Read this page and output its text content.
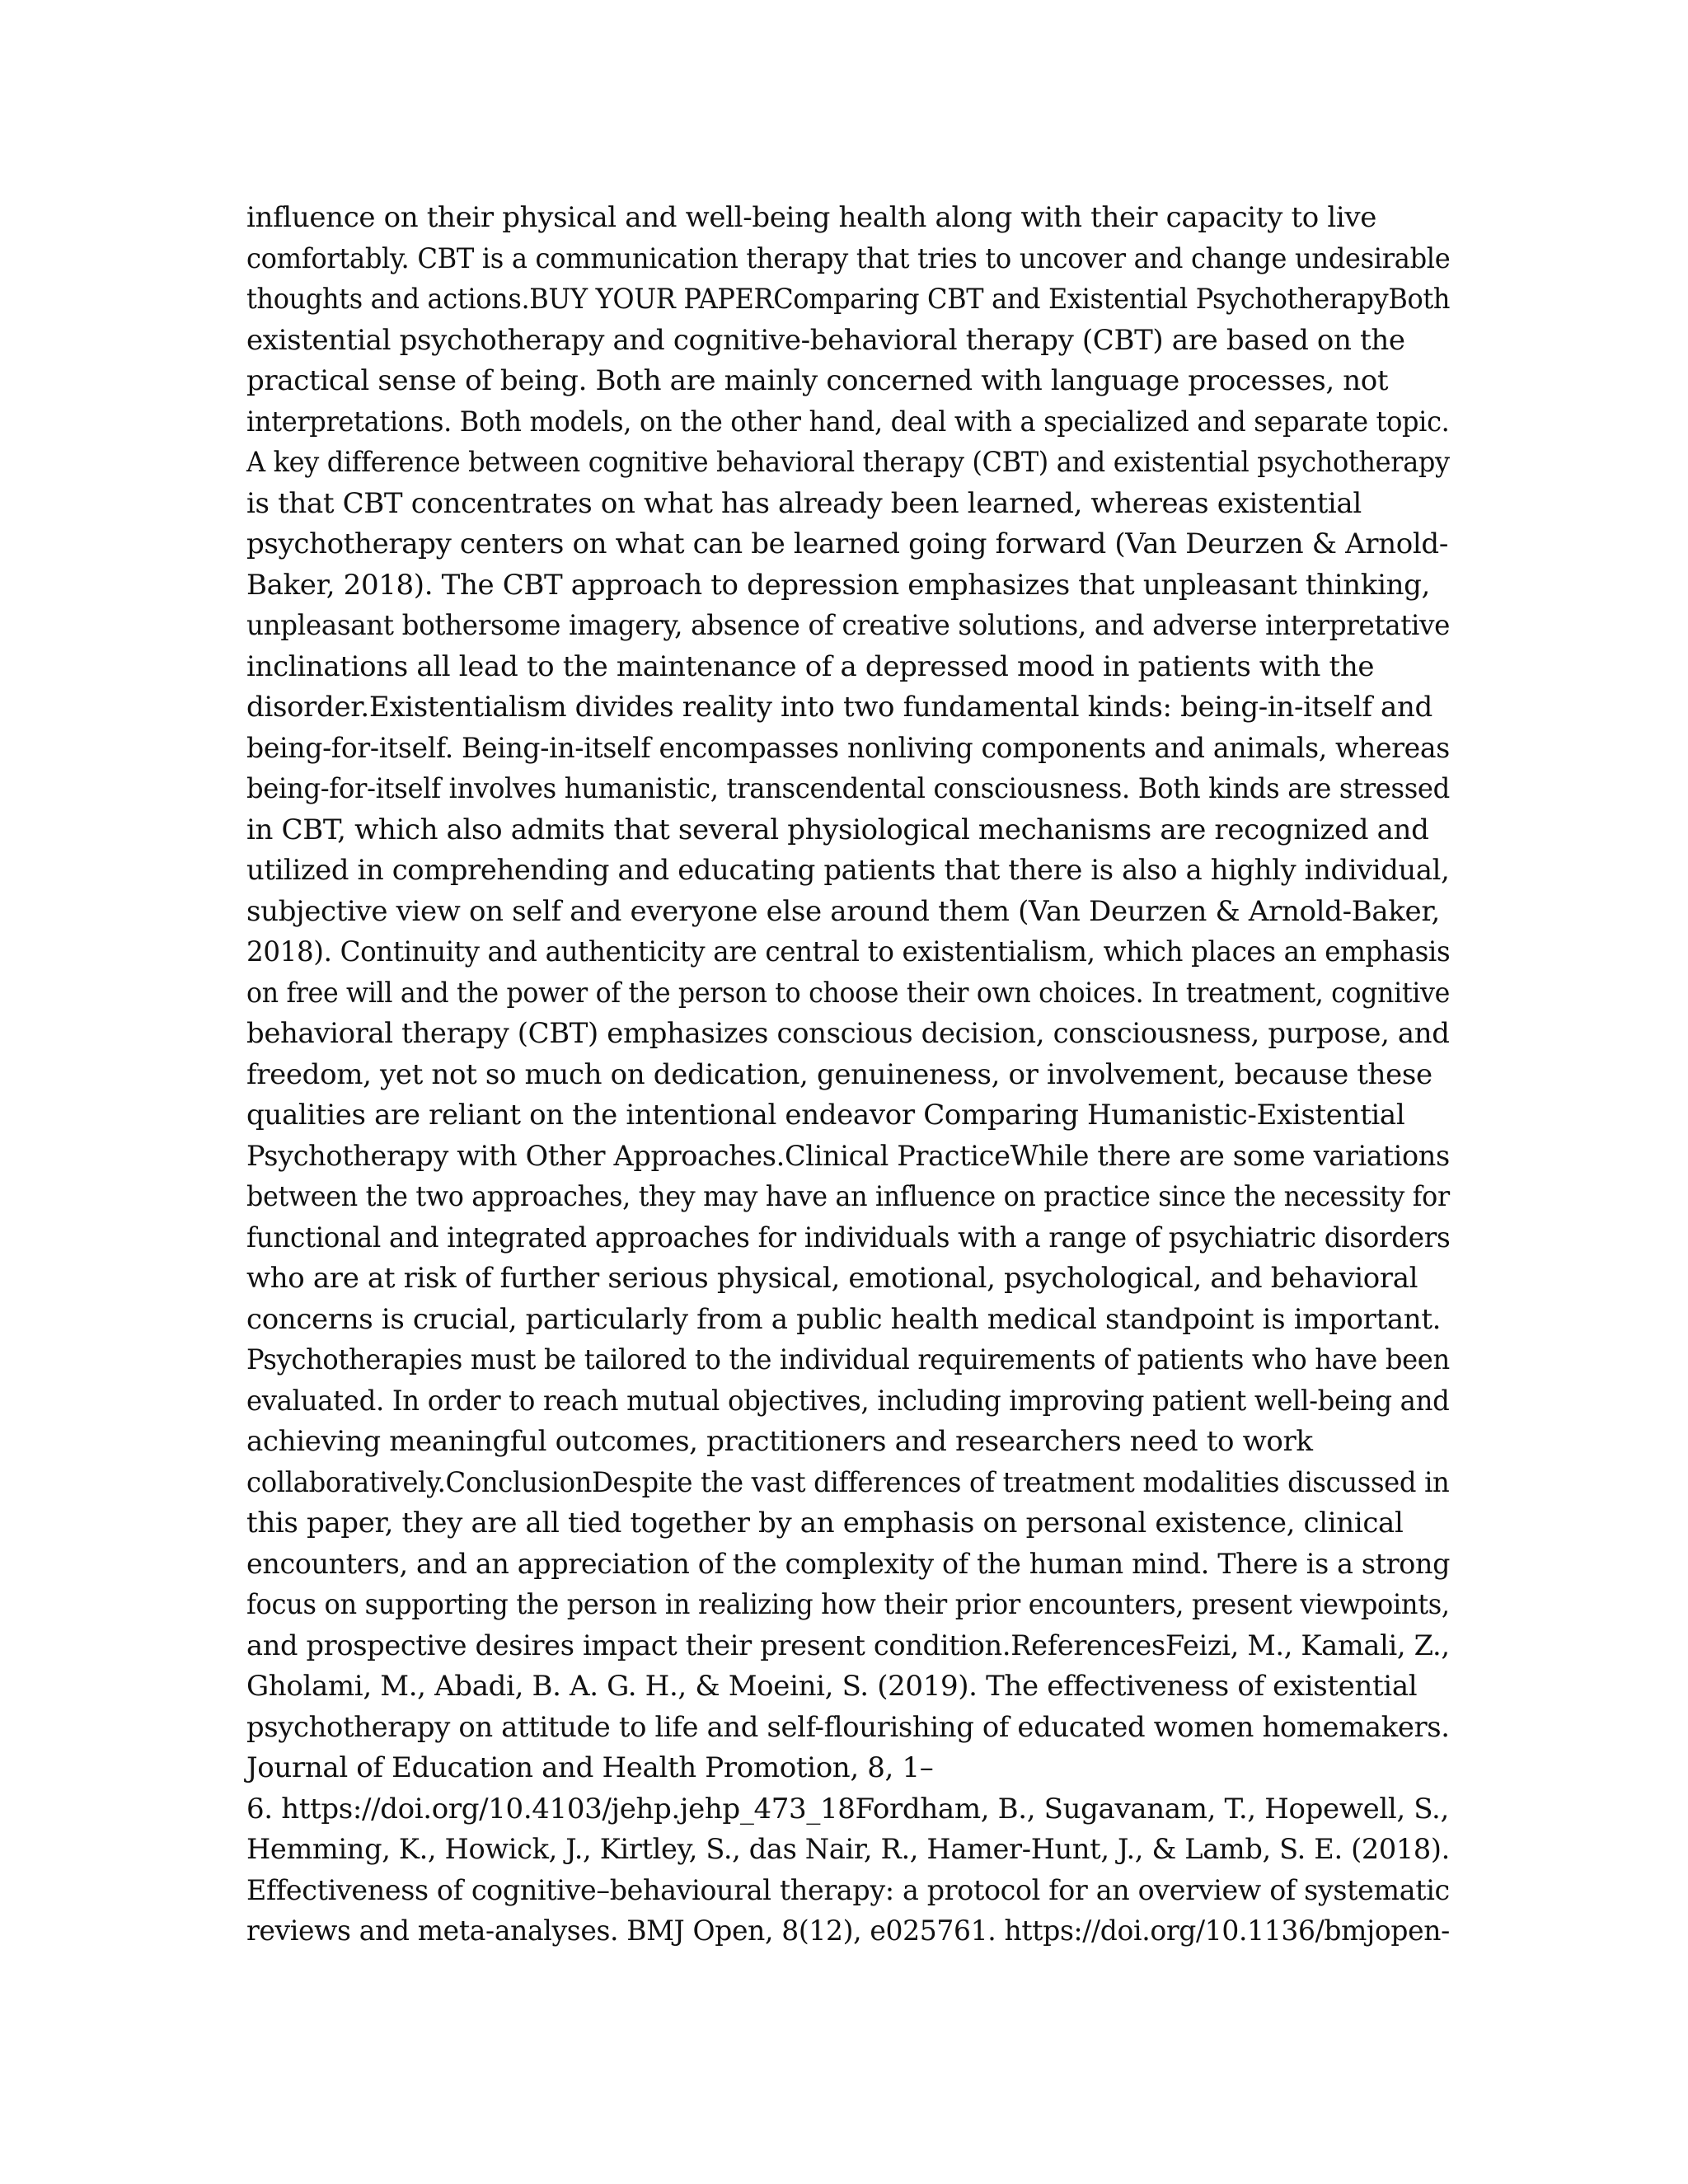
influence on their physical and well-being health along with their capacity to live
comfortably. CBT is a communication therapy that tries to uncover and change undesirable
thoughts and actions.BUY YOUR PAPERComparing CBT and Existential PsychotherapyBoth
existential psychotherapy and cognitive-behavioral therapy (CBT) are based on the
practical sense of being. Both are mainly concerned with language processes, not
interpretations. Both models, on the other hand, deal with a specialized and separate topic.
A key difference between cognitive behavioral therapy (CBT) and existential psychotherapy
is that CBT concentrates on what has already been learned, whereas existential
psychotherapy centers on what can be learned going forward (Van Deurzen & Arnold-
Baker, 2018). The CBT approach to depression emphasizes that unpleasant thinking,
unpleasant bothersome imagery, absence of creative solutions, and adverse interpretative
inclinations all lead to the maintenance of a depressed mood in patients with the
disorder.Existentialism divides reality into two fundamental kinds: being-in-itself and
being-for-itself. Being-in-itself encompasses nonliving components and animals, whereas
being-for-itself involves humanistic, transcendental consciousness. Both kinds are stressed
in CBT, which also admits that several physiological mechanisms are recognized and
utilized in comprehending and educating patients that there is also a highly individual,
subjective view on self and everyone else around them (Van Deurzen & Arnold-Baker,
2018). Continuity and authenticity are central to existentialism, which places an emphasis
on free will and the power of the person to choose their own choices. In treatment, cognitive
behavioral therapy (CBT) emphasizes conscious decision, consciousness, purpose, and
freedom, yet not so much on dedication, genuineness, or involvement, because these
qualities are reliant on the intentional endeavor Comparing Humanistic-Existential
Psychotherapy with Other Approaches.Clinical PracticeWhile there are some variations
between the two approaches, they may have an influence on practice since the necessity for
functional and integrated approaches for individuals with a range of psychiatric disorders
who are at risk of further serious physical, emotional, psychological, and behavioral
concerns is crucial, particularly from a public health medical standpoint is important.
Psychotherapies must be tailored to the individual requirements of patients who have been
evaluated. In order to reach mutual objectives, including improving patient well-being and
achieving meaningful outcomes, practitioners and researchers need to work
collaboratively.ConclusionDespite the vast differences of treatment modalities discussed in
this paper, they are all tied together by an emphasis on personal existence, clinical
encounters, and an appreciation of the complexity of the human mind. There is a strong
focus on supporting the person in realizing how their prior encounters, present viewpoints,
and prospective desires impact their present condition.ReferencesFeizi, M., Kamali, Z.,
Gholami, M., Abadi, B. A. G. H., & Moeini, S. (2019). The effectiveness of existential
psychotherapy on attitude to life and self-flourishing of educated women homemakers.
Journal of Education and Health Promotion, 8, 1–
6. https://doi.org/10.4103/jehp.jehp_473_18Fordham, B., Sugavanam, T., Hopewell, S.,
Hemming, K., Howick, J., Kirtley, S., das Nair, R., Hamer-Hunt, J., & Lamb, S. E. (2018).
Effectiveness of cognitive–behavioural therapy: a protocol for an overview of systematic
reviews and meta-analyses. BMJ Open, 8(12), e025761. https://doi.org/10.1136/bmjopen-
